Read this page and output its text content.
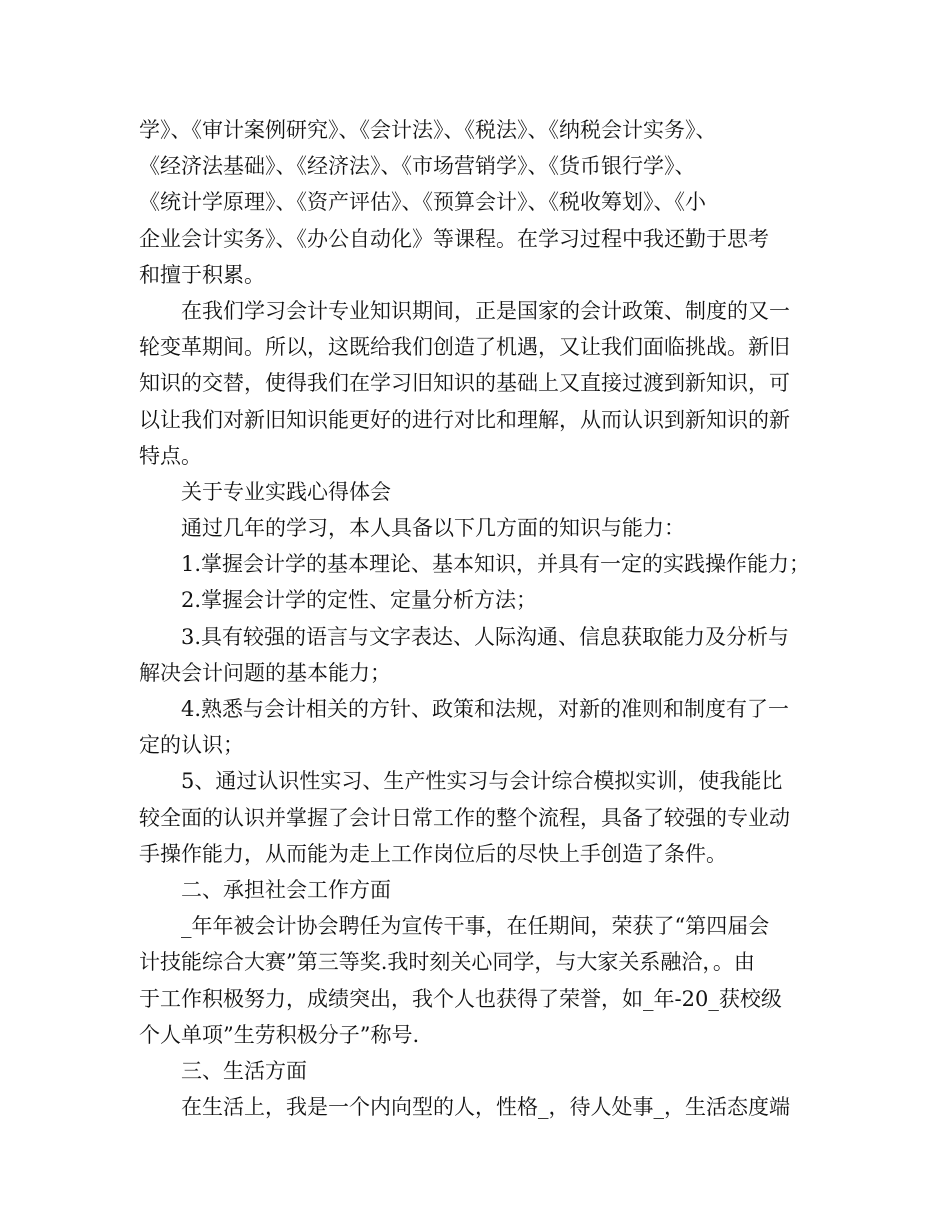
学》、《审计案例研究》、《会计法》、《税法》、《纳税会计实务》、
《经济法基础》、《经济法》、《市场营销学》、《货币银行学》、
《统计学原理》、《资产评估》、《预算会计》、《税收筹划》、《小
企业会计实务》、《办公自动化》等课程。在学习过程中我还勤于思考
和擅于积累。
在我们学习会计专业知识期间，正是国家的会计政策、制度的又一
轮变革期间。所以，这既给我们创造了机遇，又让我们面临挑战。新旧
知识的交替，使得我们在学习旧知识的基础上又直接过渡到新知识，可
以让我们对新旧知识能更好的进行对比和理解，从而认识到新知识的新
特点。
关于专业实践心得体会
通过几年的学习，本人具备以下几方面的知识与能力：
1.掌握会计学的基本理论、基本知识，并具有一定的实践操作能力；
2.掌握会计学的定性、定量分析方法；
3.具有较强的语言与文字表达、人际沟通、信息获取能力及分析与
解决会计问题的基本能力；
4.熟悉与会计相关的方针、政策和法规，对新的准则和制度有了一
定的认识；
5、通过认识性实习、生产性实习与会计综合模拟实训，使我能比
较全面的认识并掌握了会计日常工作的整个流程，具备了较强的专业动
手操作能力，从而能为走上工作岗位后的尽快上手创造了条件。
二、承担社会工作方面
_年年被会计协会聘任为宣传干事，在任期间，荣获了“第四届会
计技能综合大赛”第三等奖.我时刻关心同学，与大家关系融洽，。由
于工作积极努力，成绩突出，我个人也获得了荣誉，如_年-20_获校级
个人单项”生劳积极分子”称号.
三、生活方面
在生活上，我是一个内向型的人，性格_，待人处事_，生活态度端
